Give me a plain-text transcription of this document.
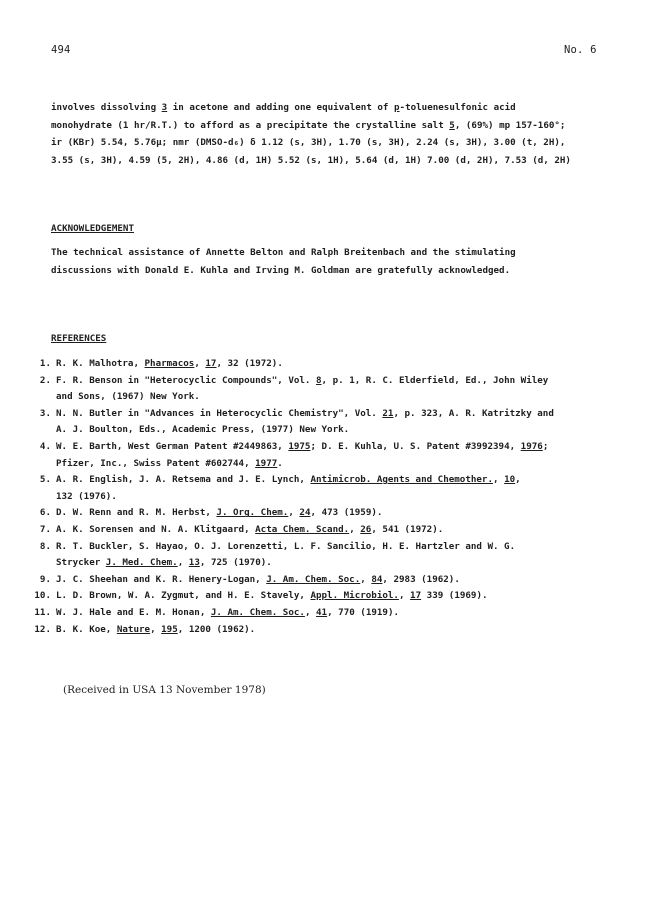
494	No. 6
involves dissolving 3 in acetone and adding one equivalent of p-toluenesulfonic acid
monohydrate (1 hr/R.T.) to afford as a precipitate the crystalline salt 5, (69%) mp 157-160°;
ir (KBr) 5.54, 5.76μ; nmr (DMSO-d₆) δ 1.12 (s, 3H), 1.70 (s, 3H), 2.24 (s, 3H), 3.00 (t, 2H),
3.55 (s, 3H), 4.59 (5, 2H), 4.86 (d, 1H) 5.52 (s, 1H), 5.64 (d, 1H) 7.00 (d, 2H), 7.53 (d, 2H)
ACKNOWLEDGEMENT
The technical assistance of Annette Belton and Ralph Breitenbach and the stimulating
discussions with Donald E. Kuhla and Irving M. Goldman are gratefully acknowledged.
REFERENCES
1. R. K. Malhotra, Pharmacos, 17, 32 (1972).
2. F. R. Benson in "Heterocyclic Compounds", Vol. 8, p. 1, R. C. Elderfield, Ed., John Wiley
and Sons, (1967) New York.
3. N. N. Butler in "Advances in Heterocyclic Chemistry", Vol. 21, p. 323, A. R. Katritzky and
A. J. Boulton, Eds., Academic Press, (1977) New York.
4. W. E. Barth, West German Patent #2449863, 1975; D. E. Kuhla, U. S. Patent #3992394, 1976;
Pfizer, Inc., Swiss Patent #602744, 1977.
5. A. R. English, J. A. Retsema and J. E. Lynch, Antimicrob. Agents and Chemother., 10,
132 (1976).
6. D. W. Renn and R. M. Herbst, J. Org. Chem., 24, 473 (1959).
7. A. K. Sorensen and N. A. Klitgaard, Acta Chem. Scand., 26, 541 (1972).
8. R. T. Buckler, S. Hayao, O. J. Lorenzetti, L. F. Sancilio, H. E. Hartzler and W. G.
Strycker J. Med. Chem., 13, 725 (1970).
9. J. C. Sheehan and K. R. Henery-Logan, J. Am. Chem. Soc., 84, 2983 (1962).
10. L. D. Brown, W. A. Zygmut, and H. E. Stavely, Appl. Microbiol., 17 339 (1969).
11. W. J. Hale and E. M. Honan, J. Am. Chem. Soc., 41, 770 (1919).
12. B. K. Koe, Nature, 195, 1200 (1962).
(Received in USA 13 November 1978)
